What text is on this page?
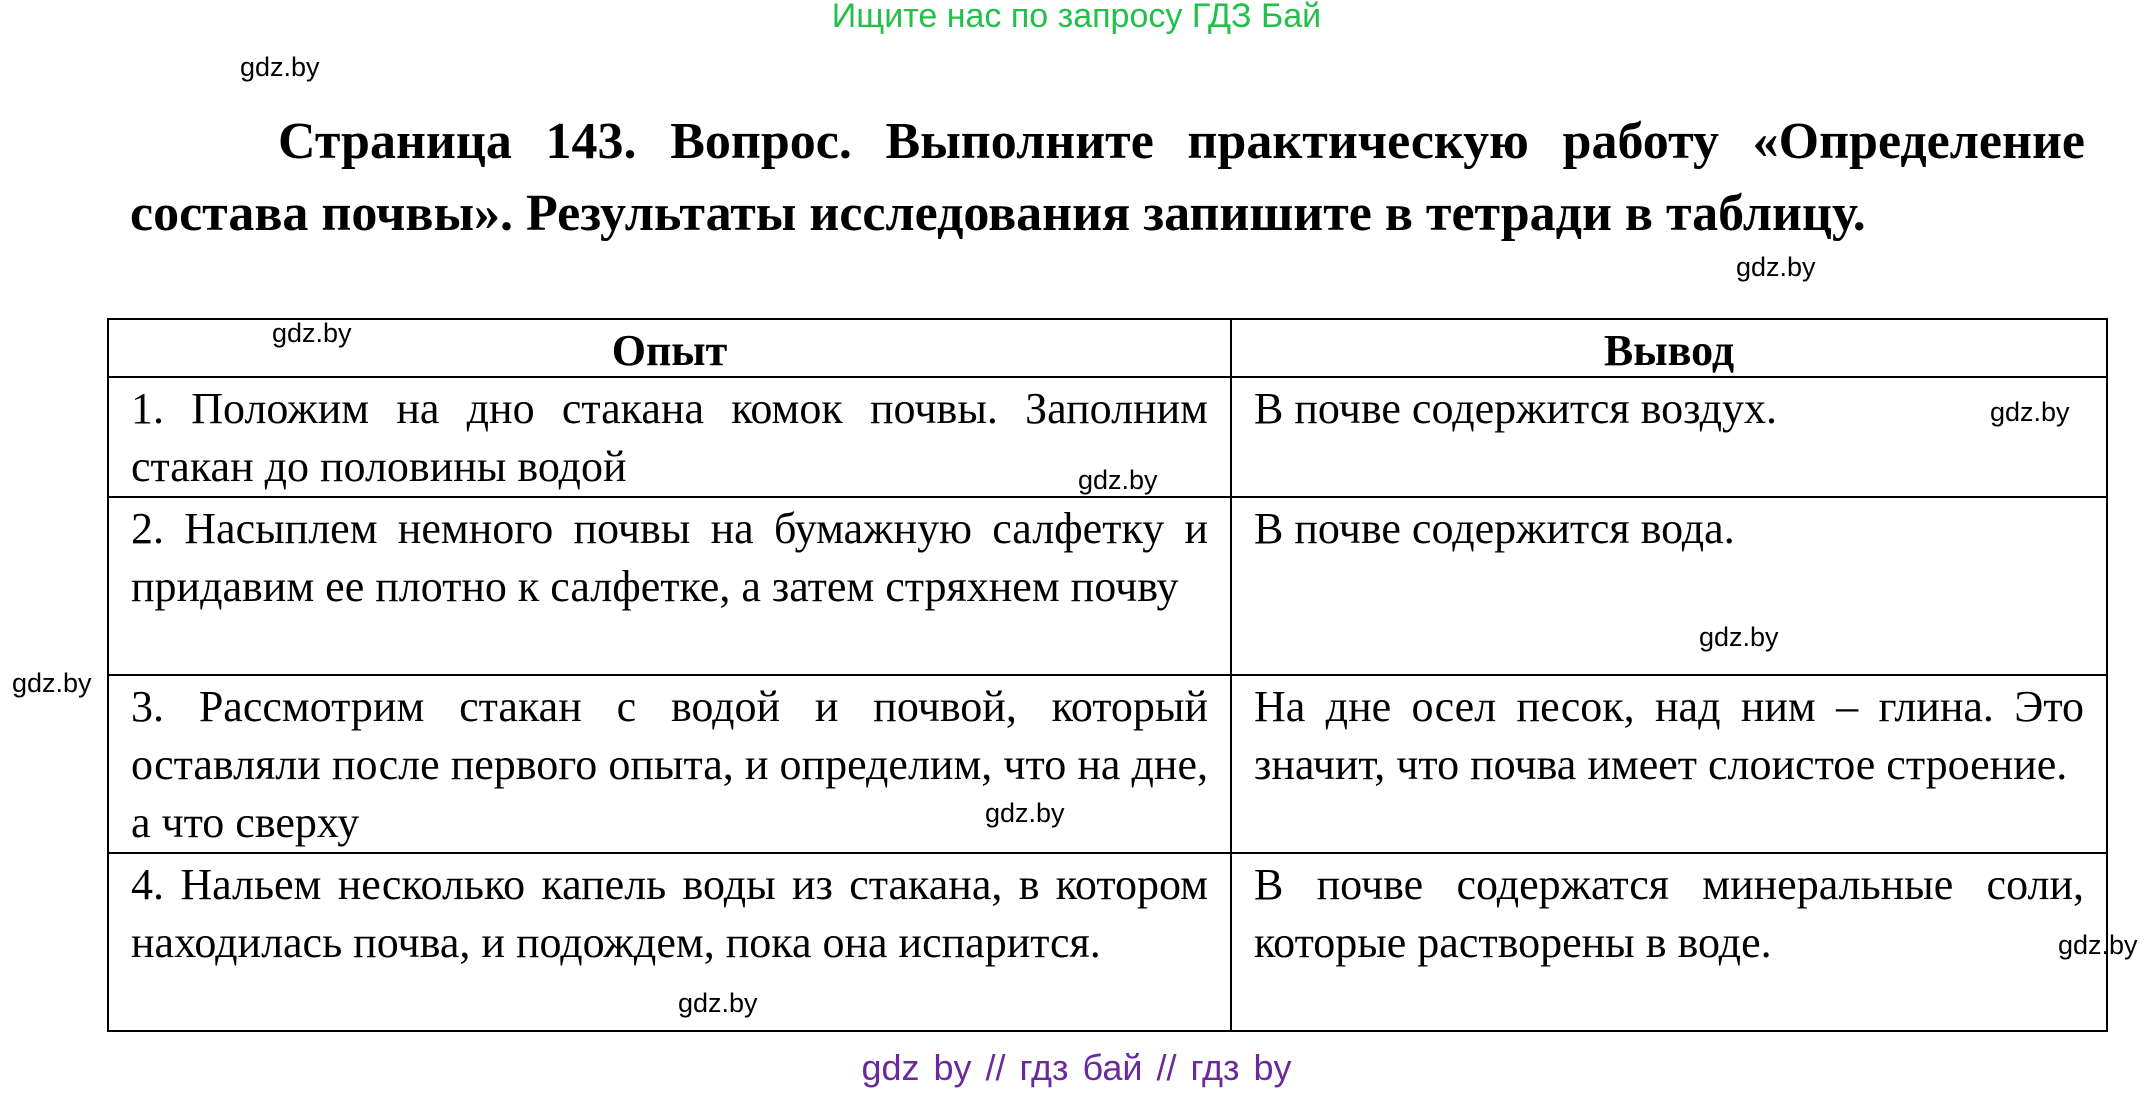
Ищите нас по запросу ГДЗ Бай
Страница 143. Вопрос. Выполните практическую работу «Определение состава почвы». Результаты исследования запишите в тетради в таблицу.
Опыт	Вывод
1. Положим на дно стакана комок почвы. Заполним стакан до половины водой	В почве содержится воздух.
2. Насыплем немного почвы на бумажную салфетку и придавим ее плотно к салфетке, а затем стряхнем почву	В почве содержится вода.
3. Рассмотрим стакан с водой и почвой, который оставляли после первого опыта, и определим, что на дне, а что сверху	На дне осел песок, над ним – глина. Это значит, что почва имеет слоистое строение.
4. Нальем несколько капель воды из стакана, в котором находилась почва, и подождем, пока она испарится.	В почве содержатся минеральные соли, которые растворены в воде.
gdz.by
gdz.by
gdz.by
gdz.by
gdz.by
gdz.by
gdz.by
gdz.by
gdz.by
gdz.by
gdz by // гдз бай // гдз by
